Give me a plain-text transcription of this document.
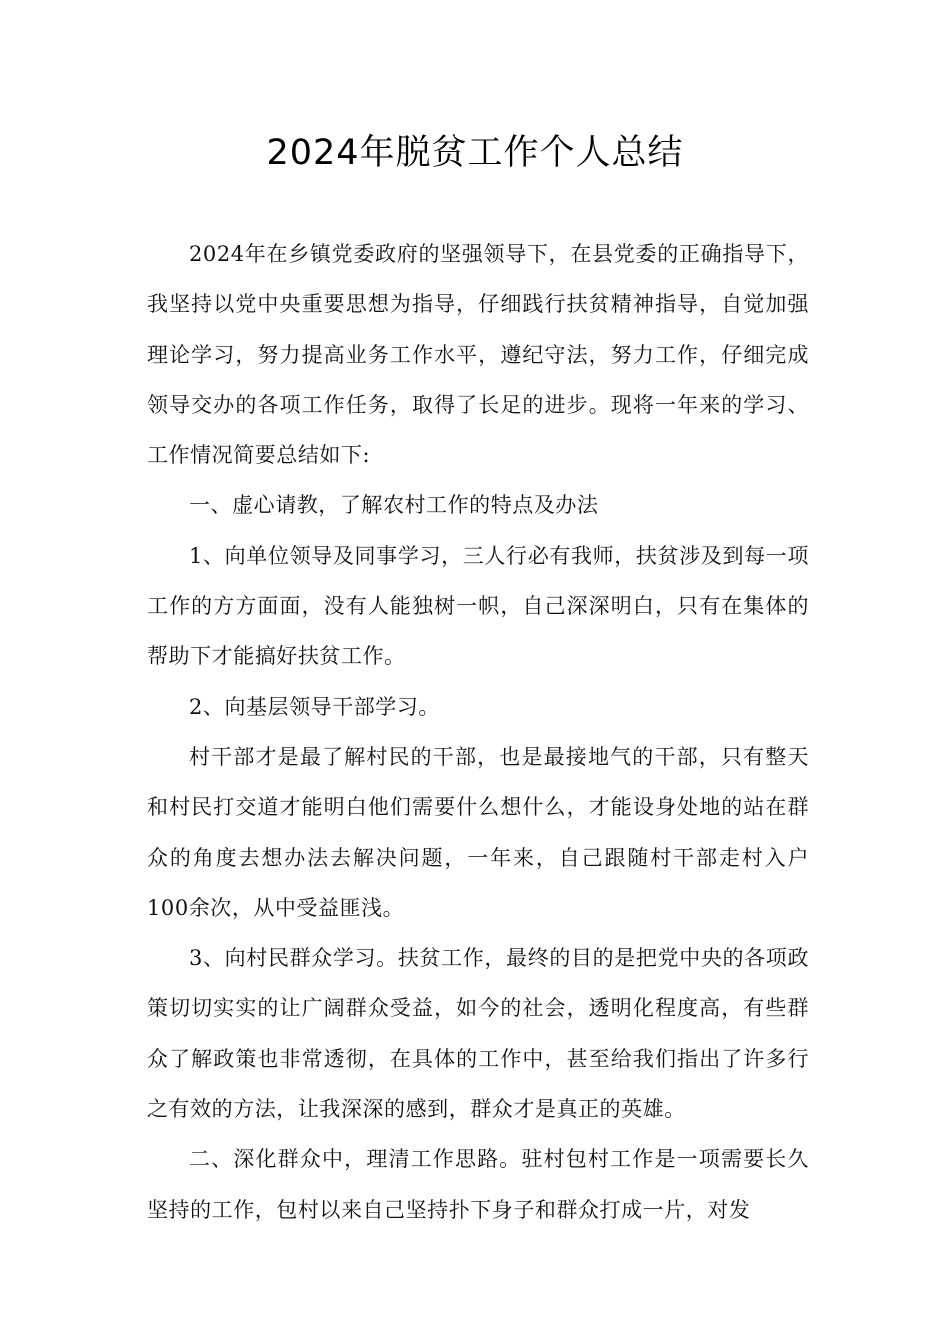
2024年脱贫工作个人总结

2024年在乡镇党委政府的坚强领导下，在县党委的正确指导下，我坚持以党中央重要思想为指导，仔细践行扶贫精神指导，自觉加强理论学习，努力提高业务工作水平，遵纪守法，努力工作，仔细完成领导交办的各项工作任务，取得了长足的进步。现将一年来的学习、工作情况简要总结如下:

一、虚心请教，了解农村工作的特点及办法

1、向单位领导及同事学习，三人行必有我师，扶贫涉及到每一项工作的方方面面，没有人能独树一帜，自己深深明白，只有在集体的帮助下才能搞好扶贫工作。

2、向基层领导干部学习。

村干部才是最了解村民的干部，也是最接地气的干部，只有整天和村民打交道才能明白他们需要什么想什么，才能设身处地的站在群众的角度去想办法去解决问题，一年来，自己跟随村干部走村入户100余次，从中受益匪浅。

3、向村民群众学习。扶贫工作，最终的目的是把党中央的各项政策切切实实的让广阔群众受益，如今的社会，透明化程度高，有些群众了解政策也非常透彻，在具体的工作中，甚至给我们指出了许多行之有效的方法，让我深深的感到，群众才是真正的英雄。

二、深化群众中，理清工作思路。驻村包村工作是一项需要长久坚持的工作，包村以来自己坚持扑下身子和群众打成一片，对发
